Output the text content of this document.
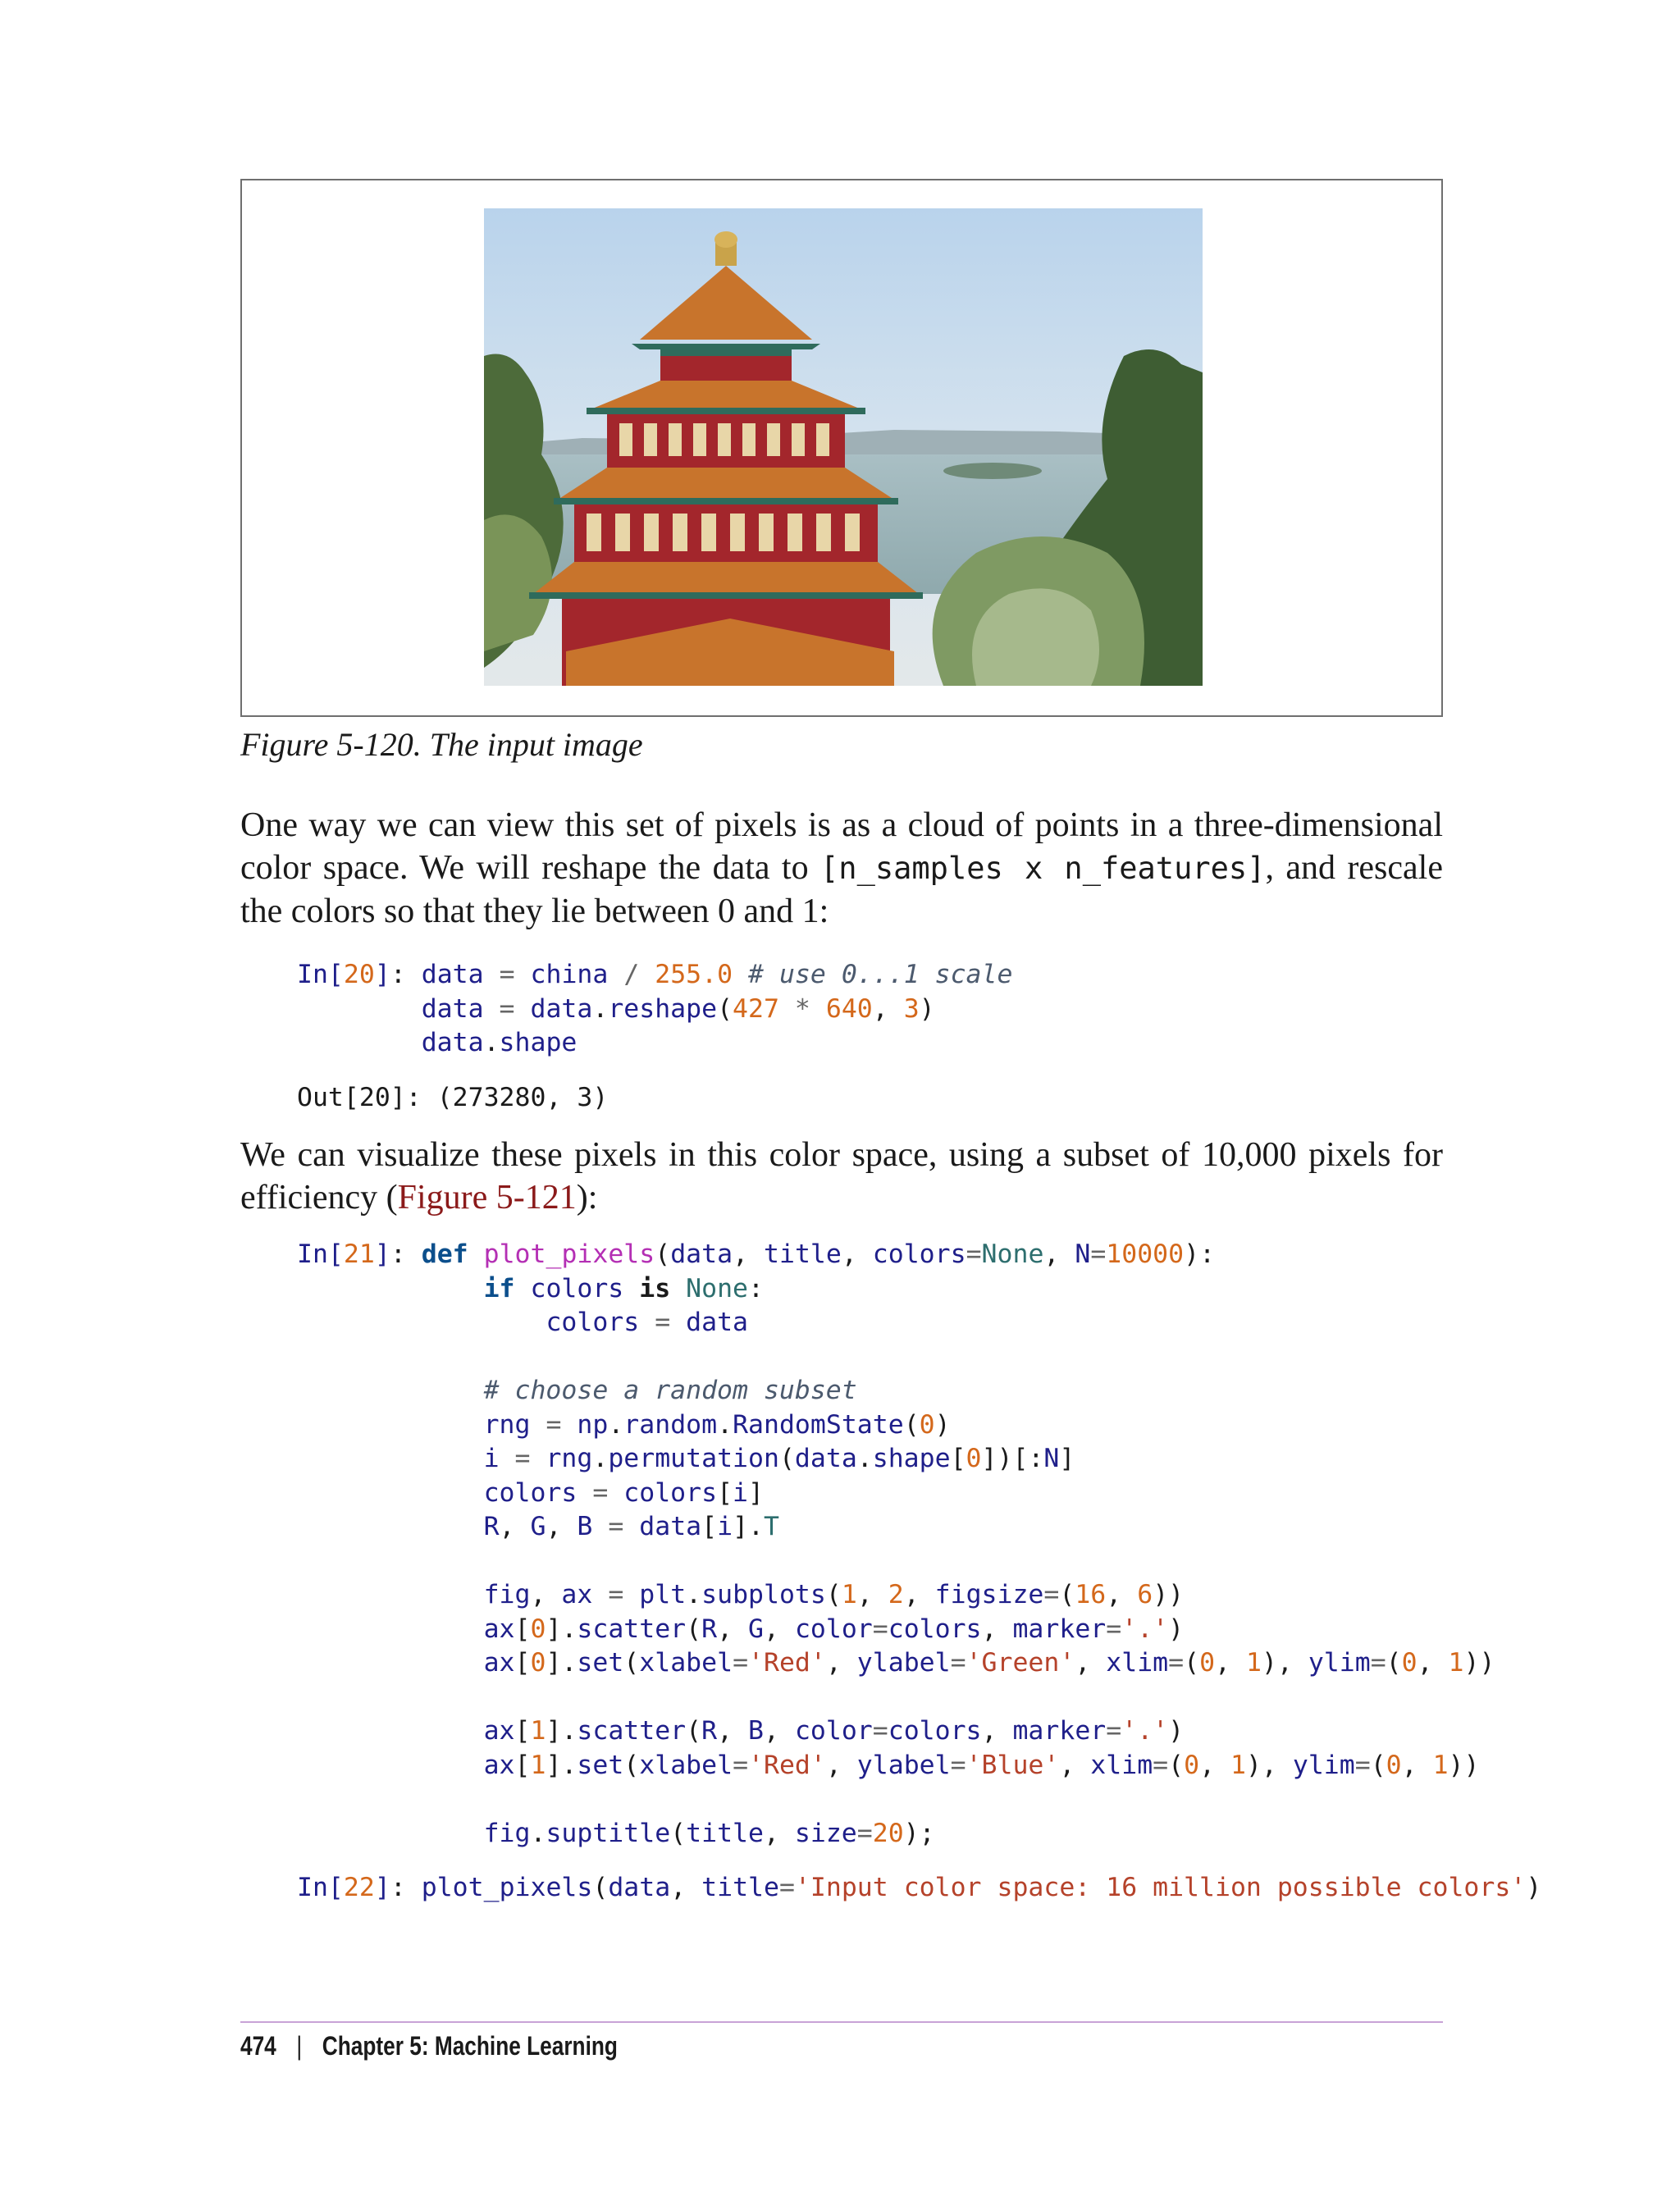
Figure 5-120. The input image

One way we can view this set of pixels is as a cloud of points in a three-dimensional color space. We will reshape the data to [n_samples x n_features], and rescale the colors so that they lie between 0 and 1:

In[20]: data = china / 255.0 # use 0...1 scale
data = data.reshape(427 * 640, 3)
data.shape
Out[20]: (273280, 3)

We can visualize these pixels in this color space, using a subset of 10,000 pixels for efficiency (Figure 5-121):

In[21]: def plot_pixels(data, title, colors=None, N=10000):
if colors is None:
colors = data

# choose a random subset
rng = np.random.RandomState(0)
i = rng.permutation(data.shape[0])[:N]
colors = colors[i]
R, G, B = data[i].T

fig, ax = plt.subplots(1, 2, figsize=(16, 6))
ax[0].scatter(R, G, color=colors, marker='.')
ax[0].set(xlabel='Red', ylabel='Green', xlim=(0, 1), ylim=(0, 1))

ax[1].scatter(R, B, color=colors, marker='.')
ax[1].set(xlabel='Red', ylabel='Blue', xlim=(0, 1), ylim=(0, 1))

fig.suptitle(title, size=20);
In[22]: plot_pixels(data, title='Input color space: 16 million possible colors')
474 | Chapter 5: Machine Learning
